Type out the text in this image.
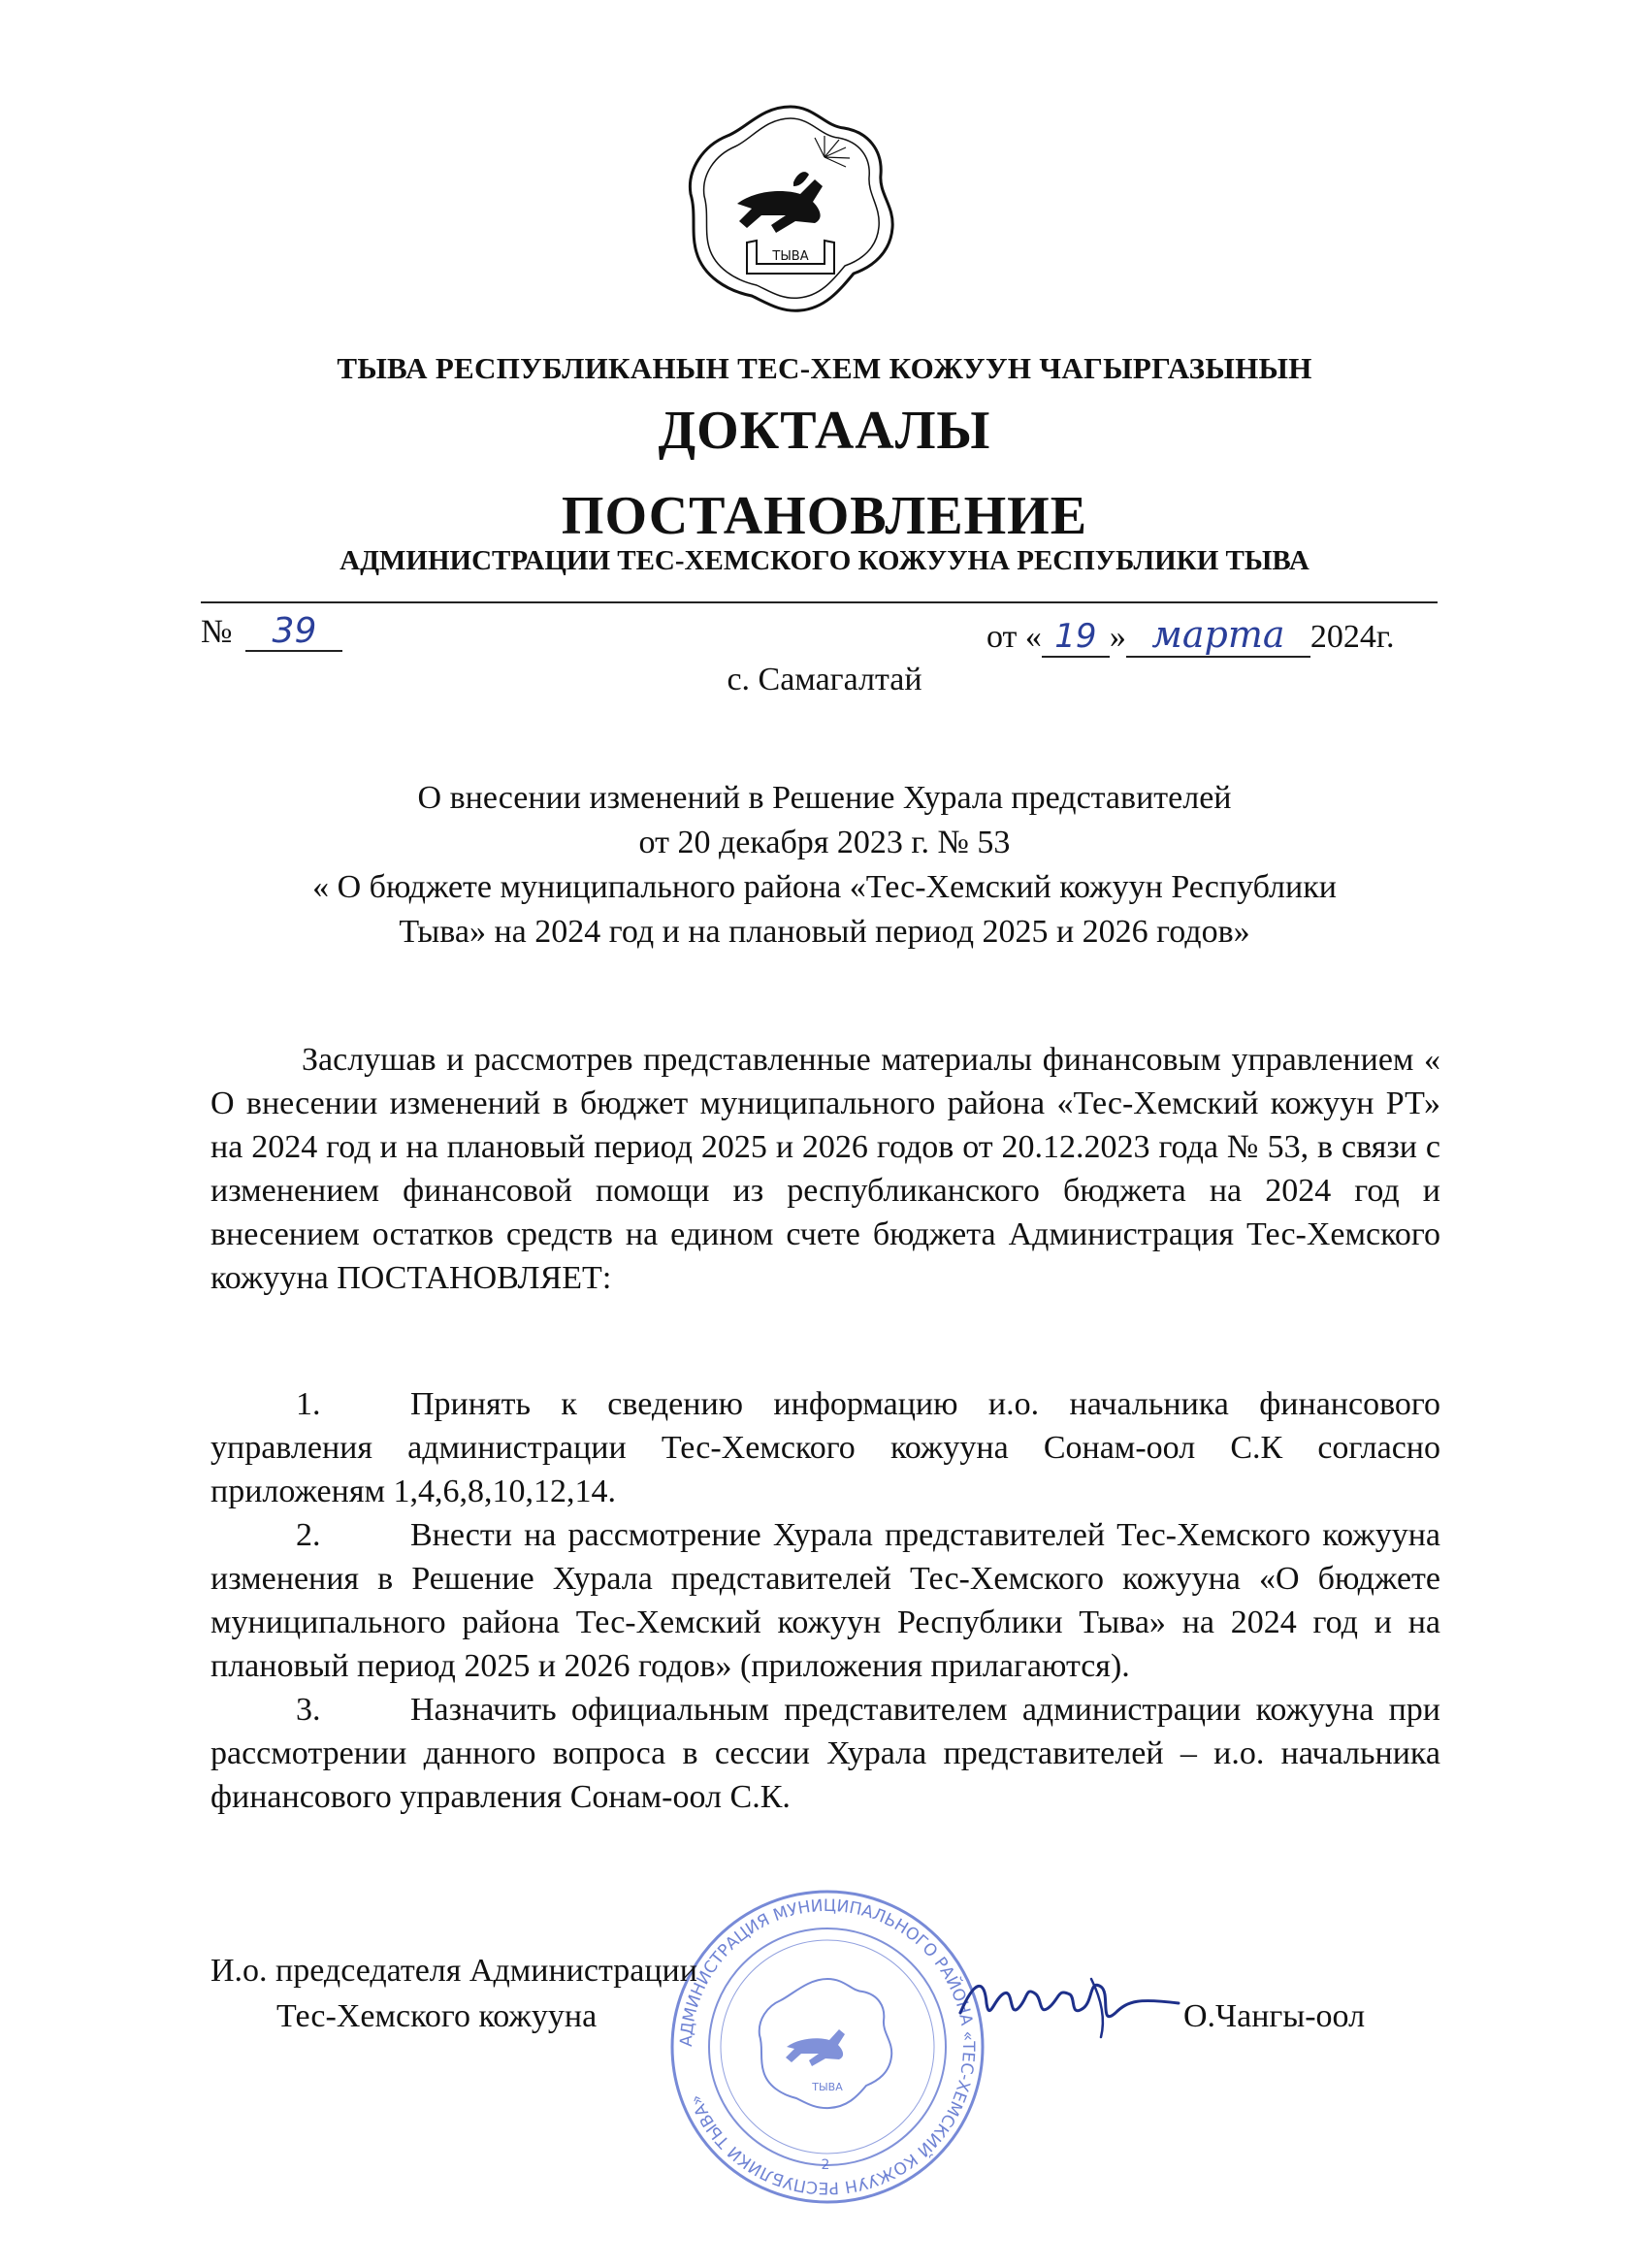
ТЫВА
ТЫВА РЕСПУБЛИКАНЫН ТЕС-ХЕМ КОЖУУН ЧАГЫРГАЗЫНЫН
ДОКТААЛЫ
ПОСТАНОВЛЕНИЕ
АДМИНИСТРАЦИИ ТЕС-ХЕМСКОГО КОЖУУНА РЕСПУБЛИКИ ТЫВА
№ 39	от « 19 » марта 2024г.
с. Самагалтай
О внесении изменений в Решение Хурала представителей
от 20 декабря 2023 г. № 53
« О бюджете муниципального района «Тес-Хемский кожуун Республики
Тыва» на 2024 год и на плановый период 2025 и 2026 годов»
Заслушав и рассмотрев представленные материалы финансовым управлением « О внесении изменений в бюджет муниципального района «Тес-Хемский кожуун РТ» на 2024 год и на плановый период 2025 и 2026 годов от 20.12.2023 года № 53, в связи с изменением финансовой помощи из республиканского бюджета на 2024 год и внесением остатков средств на едином счете бюджета Администрация Тес-Хемского кожууна ПОСТАНОВЛЯЕТ:
1.	Принять к сведению информацию и.о. начальника финансового управления администрации Тес-Хемского кожууна Сонам-оол С.К согласно приложеням 1,4,6,8,10,12,14.
2.	Внести на рассмотрение Хурала представителей Тес-Хемского кожууна изменения в Решение Хурала представителей Тес-Хемского кожууна «О бюджете муниципального района Тес-Хемский кожуун Республики Тыва» на 2024 год и на плановый период 2025 и 2026 годов» (приложения прилагаются).
3.	Назначить официальным представителем администрации кожууна при рассмотрении данного вопроса в сессии Хурала представителей – и.о. начальника финансового управления Сонам-оол С.К.
АДМИНИСТРАЦИЯ МУНИЦИПАЛЬНОГО РАЙОНА «ТЕС-ХЕМСКИЙ КОЖУУН РЕСПУБЛИКИ ТЫВА»
ТЫВА
2
И.о. председателя Администрации
Тес-Хемского кожууна	О.Чангы-оол
